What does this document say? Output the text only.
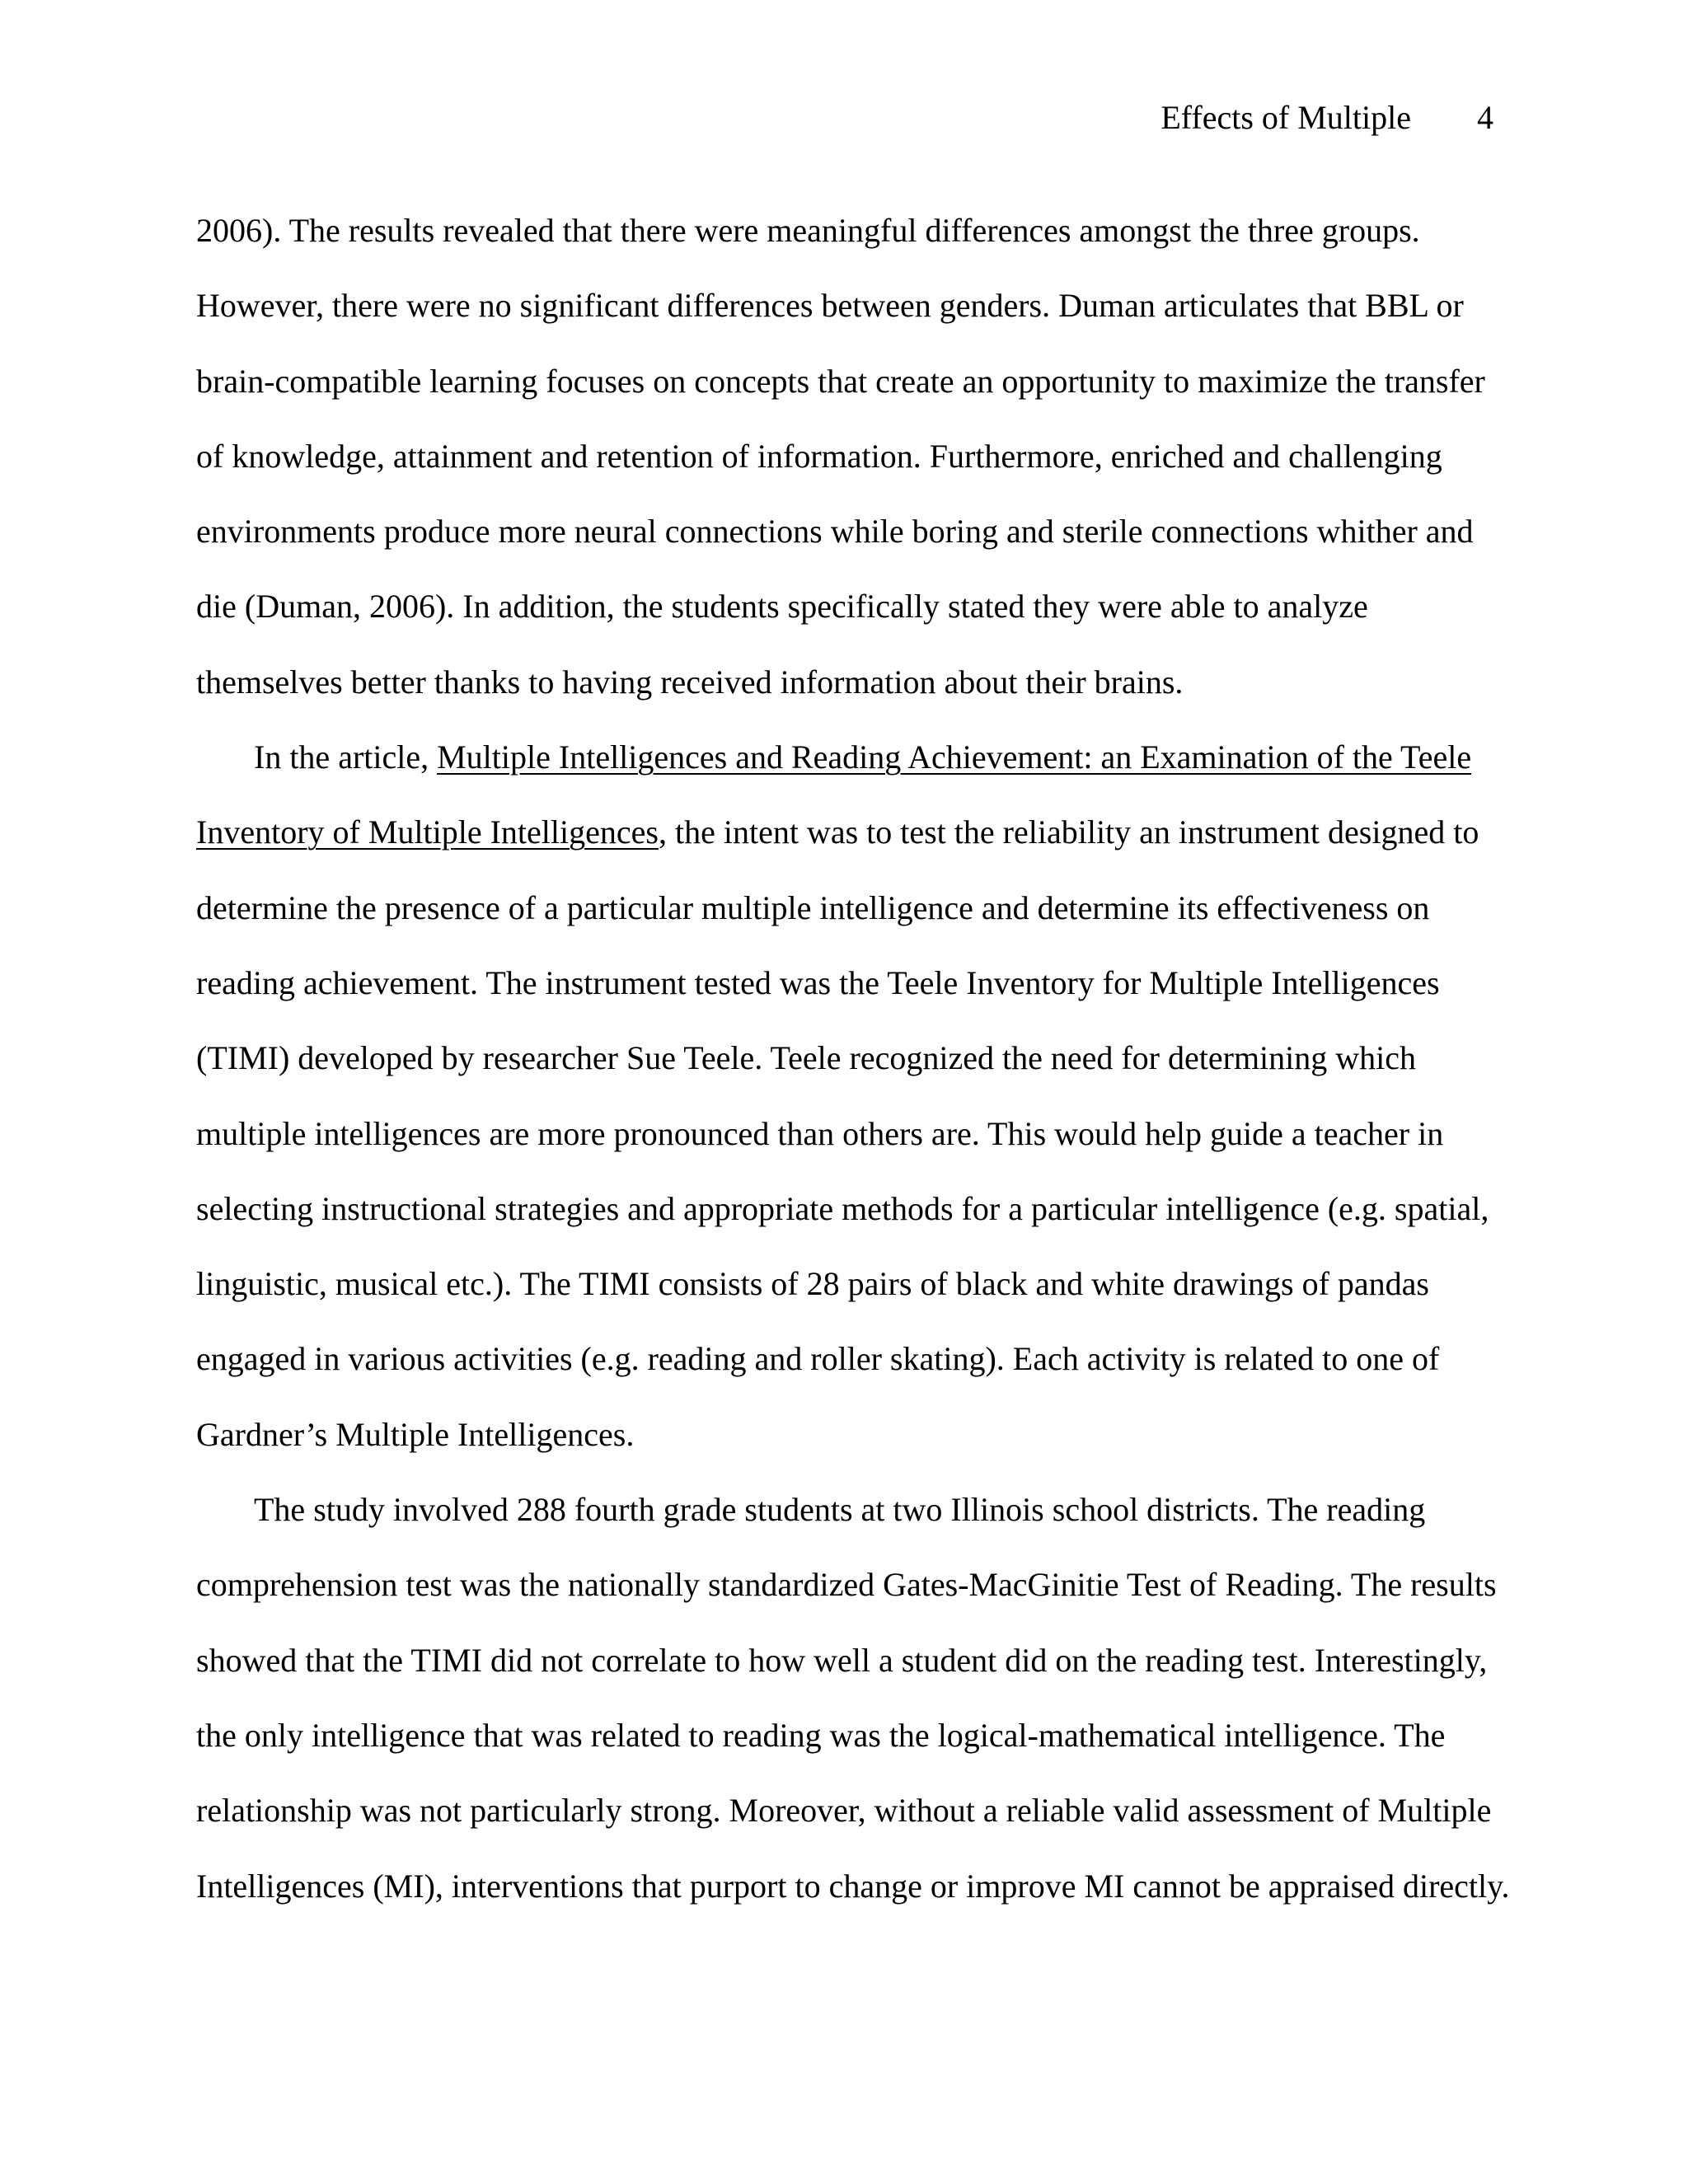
Effects of Multiple 4
2006). The results revealed that there were meaningful differences amongst the three groups.
However, there were no significant differences between genders. Duman articulates that BBL or
brain-compatible learning focuses on concepts that create an opportunity to maximize the transfer
of knowledge, attainment and retention of information. Furthermore, enriched and challenging
environments produce more neural connections while boring and sterile connections whither and
die (Duman, 2006). In addition, the students specifically stated they were able to analyze
themselves better thanks to having received information about their brains.
In the article, Multiple Intelligences and Reading Achievement: an Examination of the Teele
Inventory of Multiple Intelligences, the intent was to test the reliability an instrument designed to
determine the presence of a particular multiple intelligence and determine its effectiveness on
reading achievement. The instrument tested was the Teele Inventory for Multiple Intelligences
(TIMI) developed by researcher Sue Teele. Teele recognized the need for determining which
multiple intelligences are more pronounced than others are. This would help guide a teacher in
selecting instructional strategies and appropriate methods for a particular intelligence (e.g. spatial,
linguistic, musical etc.). The TIMI consists of 28 pairs of black and white drawings of pandas
engaged in various activities (e.g. reading and roller skating). Each activity is related to one of
Gardner’s Multiple Intelligences.
The study involved 288 fourth grade students at two Illinois school districts. The reading
comprehension test was the nationally standardized Gates-MacGinitie Test of Reading. The results
showed that the TIMI did not correlate to how well a student did on the reading test. Interestingly,
the only intelligence that was related to reading was the logical-mathematical intelligence. The
relationship was not particularly strong. Moreover, without a reliable valid assessment of Multiple
Intelligences (MI), interventions that purport to change or improve MI cannot be appraised directly.
